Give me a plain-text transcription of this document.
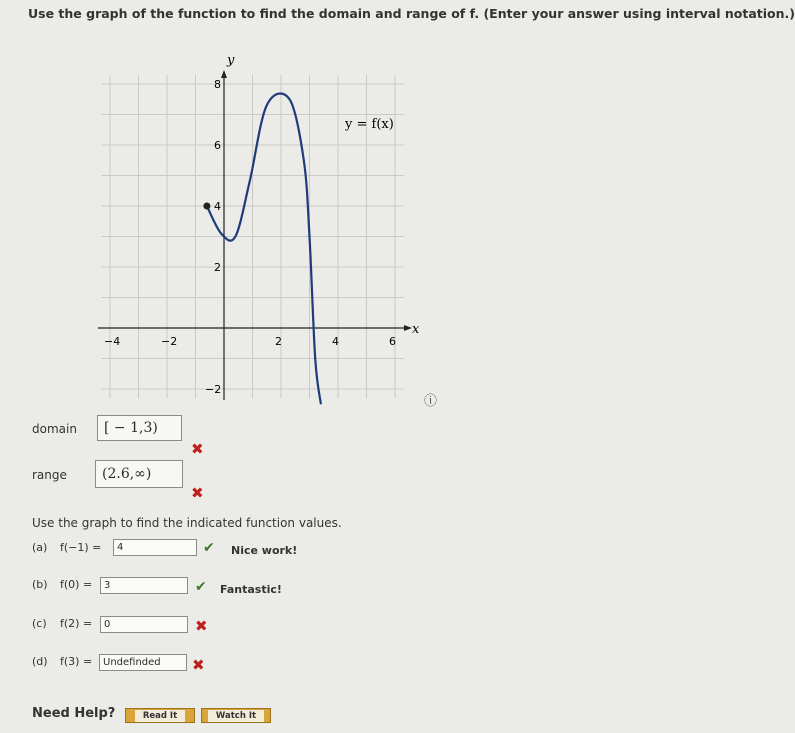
Use the graph of the function to find the domain and range of f. (Enter your answer using interval notation.)
y
x
−4	−2	2	4	6
8
6
4
2
−2
y = f(x)
ⓘ
domain	[ − 1,3)
✖
range	(2.6,∞)
✖
Use the graph to find the indicated function values.
(a) f(−1) =	4	✔ Nice work!
(b) f(0) =	3	✔ Fantastic!
(c) f(2) =	0	✖
(d) f(3) =	Undefinded	✖
Need Help?	Read It	Watch It
